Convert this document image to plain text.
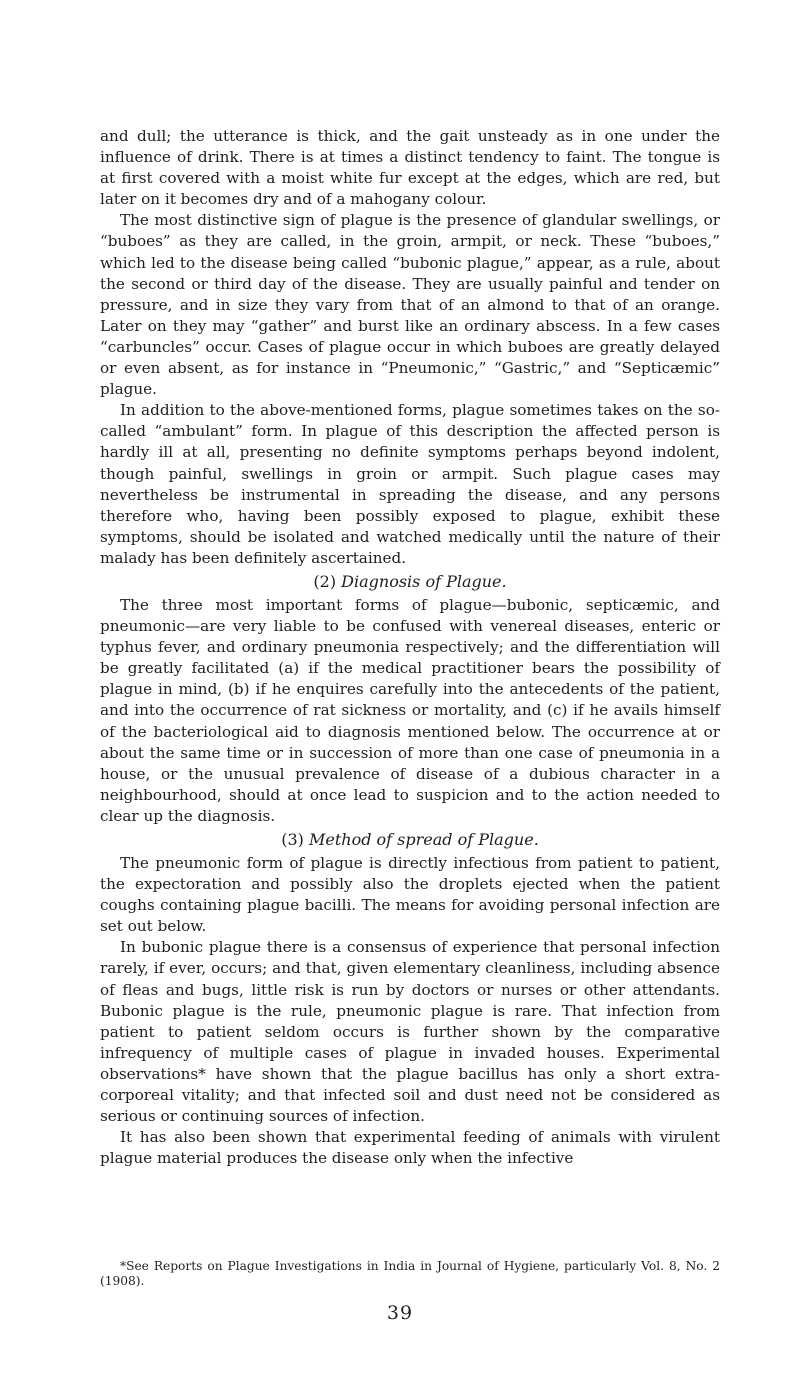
and dull; the utterance is thick, and the gait unsteady as in one under the influence of drink. There is at times a distinct tendency to faint. The tongue is at first covered with a moist white fur except at the edges, which are red, but later on it becomes dry and of a mahogany colour.

The most distinctive sign of plague is the presence of glandular swellings, or “buboes” as they are called, in the groin, armpit, or neck. These “buboes,” which led to the disease being called “bubonic plague,” appear, as a rule, about the second or third day of the disease. They are usually painful and tender on pressure, and in size they vary from that of an almond to that of an orange. Later on they may “gather” and burst like an ordinary abscess. In a few cases “carbuncles” occur. Cases of plague occur in which buboes are greatly delayed or even absent, as for instance in “Pneumonic,” “Gastric,” and “Septicæmic” plague.

In addition to the above-mentioned forms, plague sometimes takes on the so-called “ambulant” form. In plague of this description the affected person is hardly ill at all, presenting no definite symptoms perhaps beyond indolent, though painful, swellings in groin or armpit. Such plague cases may nevertheless be instrumental in spreading the disease, and any persons therefore who, having been possibly exposed to plague, exhibit these symptoms, should be isolated and watched medically until the nature of their malady has been definitely ascertained.

(2) Diagnosis of Plague.

The three most important forms of plague—bubonic, septicæmic, and pneumonic—are very liable to be confused with venereal diseases, enteric or typhus fever, and ordinary pneumonia respectively; and the differentiation will be greatly facilitated (a) if the medical practitioner bears the possibility of plague in mind, (b) if he enquires carefully into the antecedents of the patient, and into the occurrence of rat sickness or mortality, and (c) if he avails himself of the bacteriological aid to diagnosis mentioned below. The occurrence at or about the same time or in succession of more than one case of pneumonia in a house, or the unusual prevalence of disease of a dubious character in a neighbourhood, should at once lead to suspicion and to the action needed to clear up the diagnosis.

(3) Method of spread of Plague.

The pneumonic form of plague is directly infectious from patient to patient, the expectoration and possibly also the droplets ejected when the patient coughs containing plague bacilli. The means for avoiding personal infection are set out below.

In bubonic plague there is a consensus of experience that personal infection rarely, if ever, occurs; and that, given elementary cleanliness, including absence of fleas and bugs, little risk is run by doctors or nurses or other attendants. Bubonic plague is the rule, pneumonic plague is rare. That infection from patient to patient seldom occurs is further shown by the comparative infrequency of multiple cases of plague in invaded houses. Experimental observations* have shown that the plague bacillus has only a short extra-corporeal vitality; and that infected soil and dust need not be considered as serious or continuing sources of infection.

It has also been shown that experimental feeding of animals with virulent plague material produces the disease only when the infective

*See Reports on Plague Investigations in India in Journal of Hygiene, particularly Vol. 8, No. 2 (1908).

39
